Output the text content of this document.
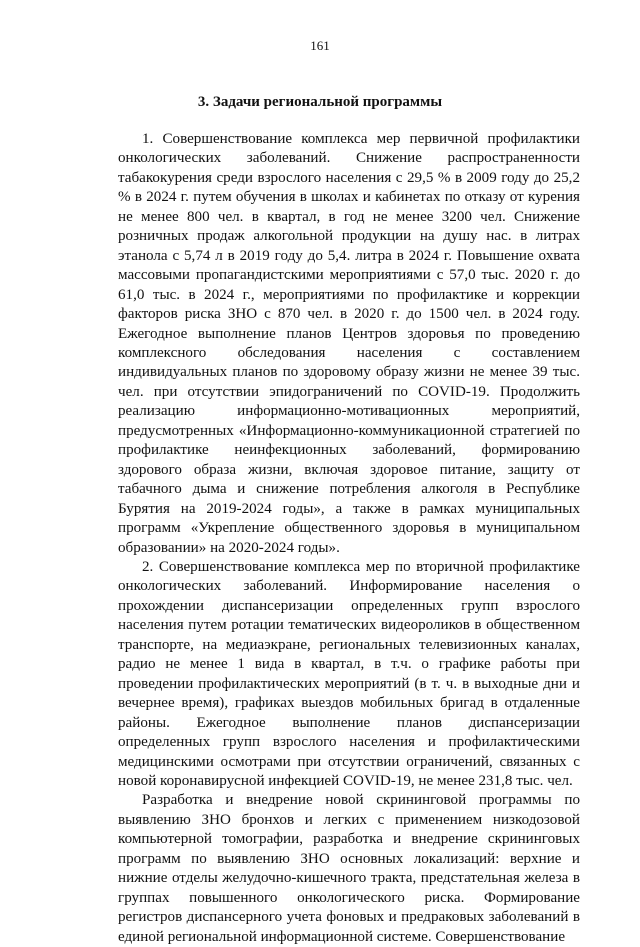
161
3. Задачи региональной программы

1. Совершенствование комплекса мер первичной профилактики онкологических заболеваний. Снижение распространенности табакокурения среди взрослого населения с 29,5 % в 2009 году до 25,2 % в 2024 г. путем обучения в школах и кабинетах по отказу от курения не менее 800 чел. в квартал, в год не менее 3200 чел. Снижение розничных продаж алкогольной продукции на душу нас. в литрах этанола с 5,74 л в 2019 году до 5,4. литра в 2024 г. Повышение охвата массовыми пропагандистскими мероприятиями с 57,0 тыс. 2020 г. до 61,0 тыс. в 2024 г., мероприятиями по профилактике и коррекции факторов риска ЗНО с 870 чел. в 2020 г. до 1500 чел. в 2024 году. Ежегодное выполнение планов Центров здоровья по проведению комплексного обследования населения с составлением индивидуальных планов по здоровому образу жизни не менее 39 тыс. чел. при отсутствии эпидограничений по COVID-19. Продолжить реализацию информационно-мотивационных мероприятий, предусмотренных «Информационно-коммуникационной стратегией по профилактике неинфекционных заболеваний, формированию здорового образа жизни, включая здоровое питание, защиту от табачного дыма и снижение потребления алкоголя в Республике Бурятия на 2019-2024 годы», а также в рамках муниципальных программ «Укрепление общественного здоровья в муниципальном образовании» на 2020-2024 годы».

2. Совершенствование комплекса мер по вторичной профилактике онкологических заболеваний. Информирование населения о прохождении диспансеризации определенных групп взрослого населения путем ротации тематических видеороликов в общественном транспорте, на медиаэкране, региональных телевизионных каналах, радио не менее 1 вида в квартал, в т.ч. о графике работы при проведении профилактических мероприятий (в т. ч. в выходные дни и вечернее время), графиках выездов мобильных бригад в отдаленные районы. Ежегодное выполнение планов диспансеризации определенных групп взрослого населения и профилактическими медицинскими осмотрами при отсутствии ограничений, связанных с новой коронавирусной инфекцией COVID-19, не менее 231,8 тыс. чел.

Разработка и внедрение новой скрининговой программы по выявлению ЗНО бронхов и легких с применением низкодозовой компьютерной томографии, разработка и внедрение скрининговых программ по выявлению ЗНО основных локализаций: верхние и нижние отделы желудочно-кишечного тракта, предстательная железа в группах повышенного онкологического риска. Формирование регистров диспансерного учета фоновых и предраковых заболеваний в единой региональной информационной системе. Совершенствование
